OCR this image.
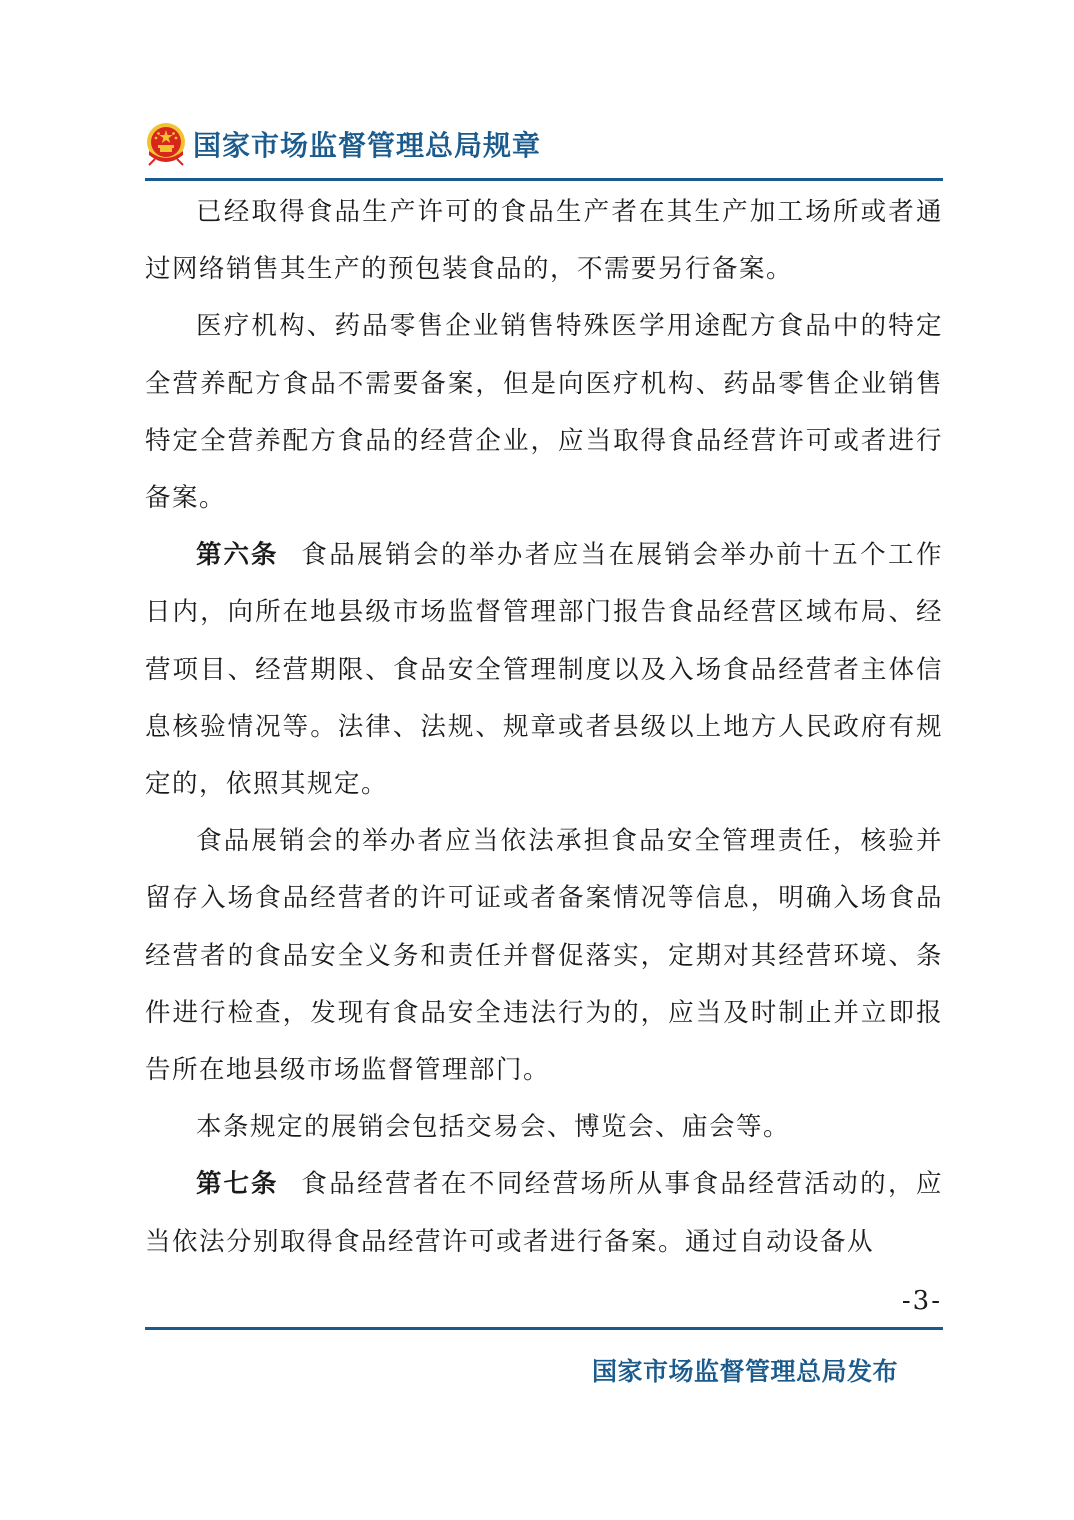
国家市场监督管理总局规章

已经取得食品生产许可的食品生产者在其生产加工场所或者通过网络销售其生产的预包装食品的，不需要另行备案。

医疗机构、药品零售企业销售特殊医学用途配方食品中的特定全营养配方食品不需要备案，但是向医疗机构、药品零售企业销售特定全营养配方食品的经营企业，应当取得食品经营许可或者进行备案。

第六条 食品展销会的举办者应当在展销会举办前十五个工作日内，向所在地县级市场监督管理部门报告食品经营区域布局、经营项目、经营期限、食品安全管理制度以及入场食品经营者主体信息核验情况等。法律、法规、规章或者县级以上地方人民政府有规定的，依照其规定。

食品展销会的举办者应当依法承担食品安全管理责任，核验并留存入场食品经营者的许可证或者备案情况等信息，明确入场食品经营者的食品安全义务和责任并督促落实，定期对其经营环境、条件进行检查，发现有食品安全违法行为的，应当及时制止并立即报告所在地县级市场监督管理部门。

本条规定的展销会包括交易会、博览会、庙会等。

第七条 食品经营者在不同经营场所从事食品经营活动的，应当依法分别取得食品经营许可或者进行备案。通过自动设备从

-3-
国家市场监督管理总局发布
